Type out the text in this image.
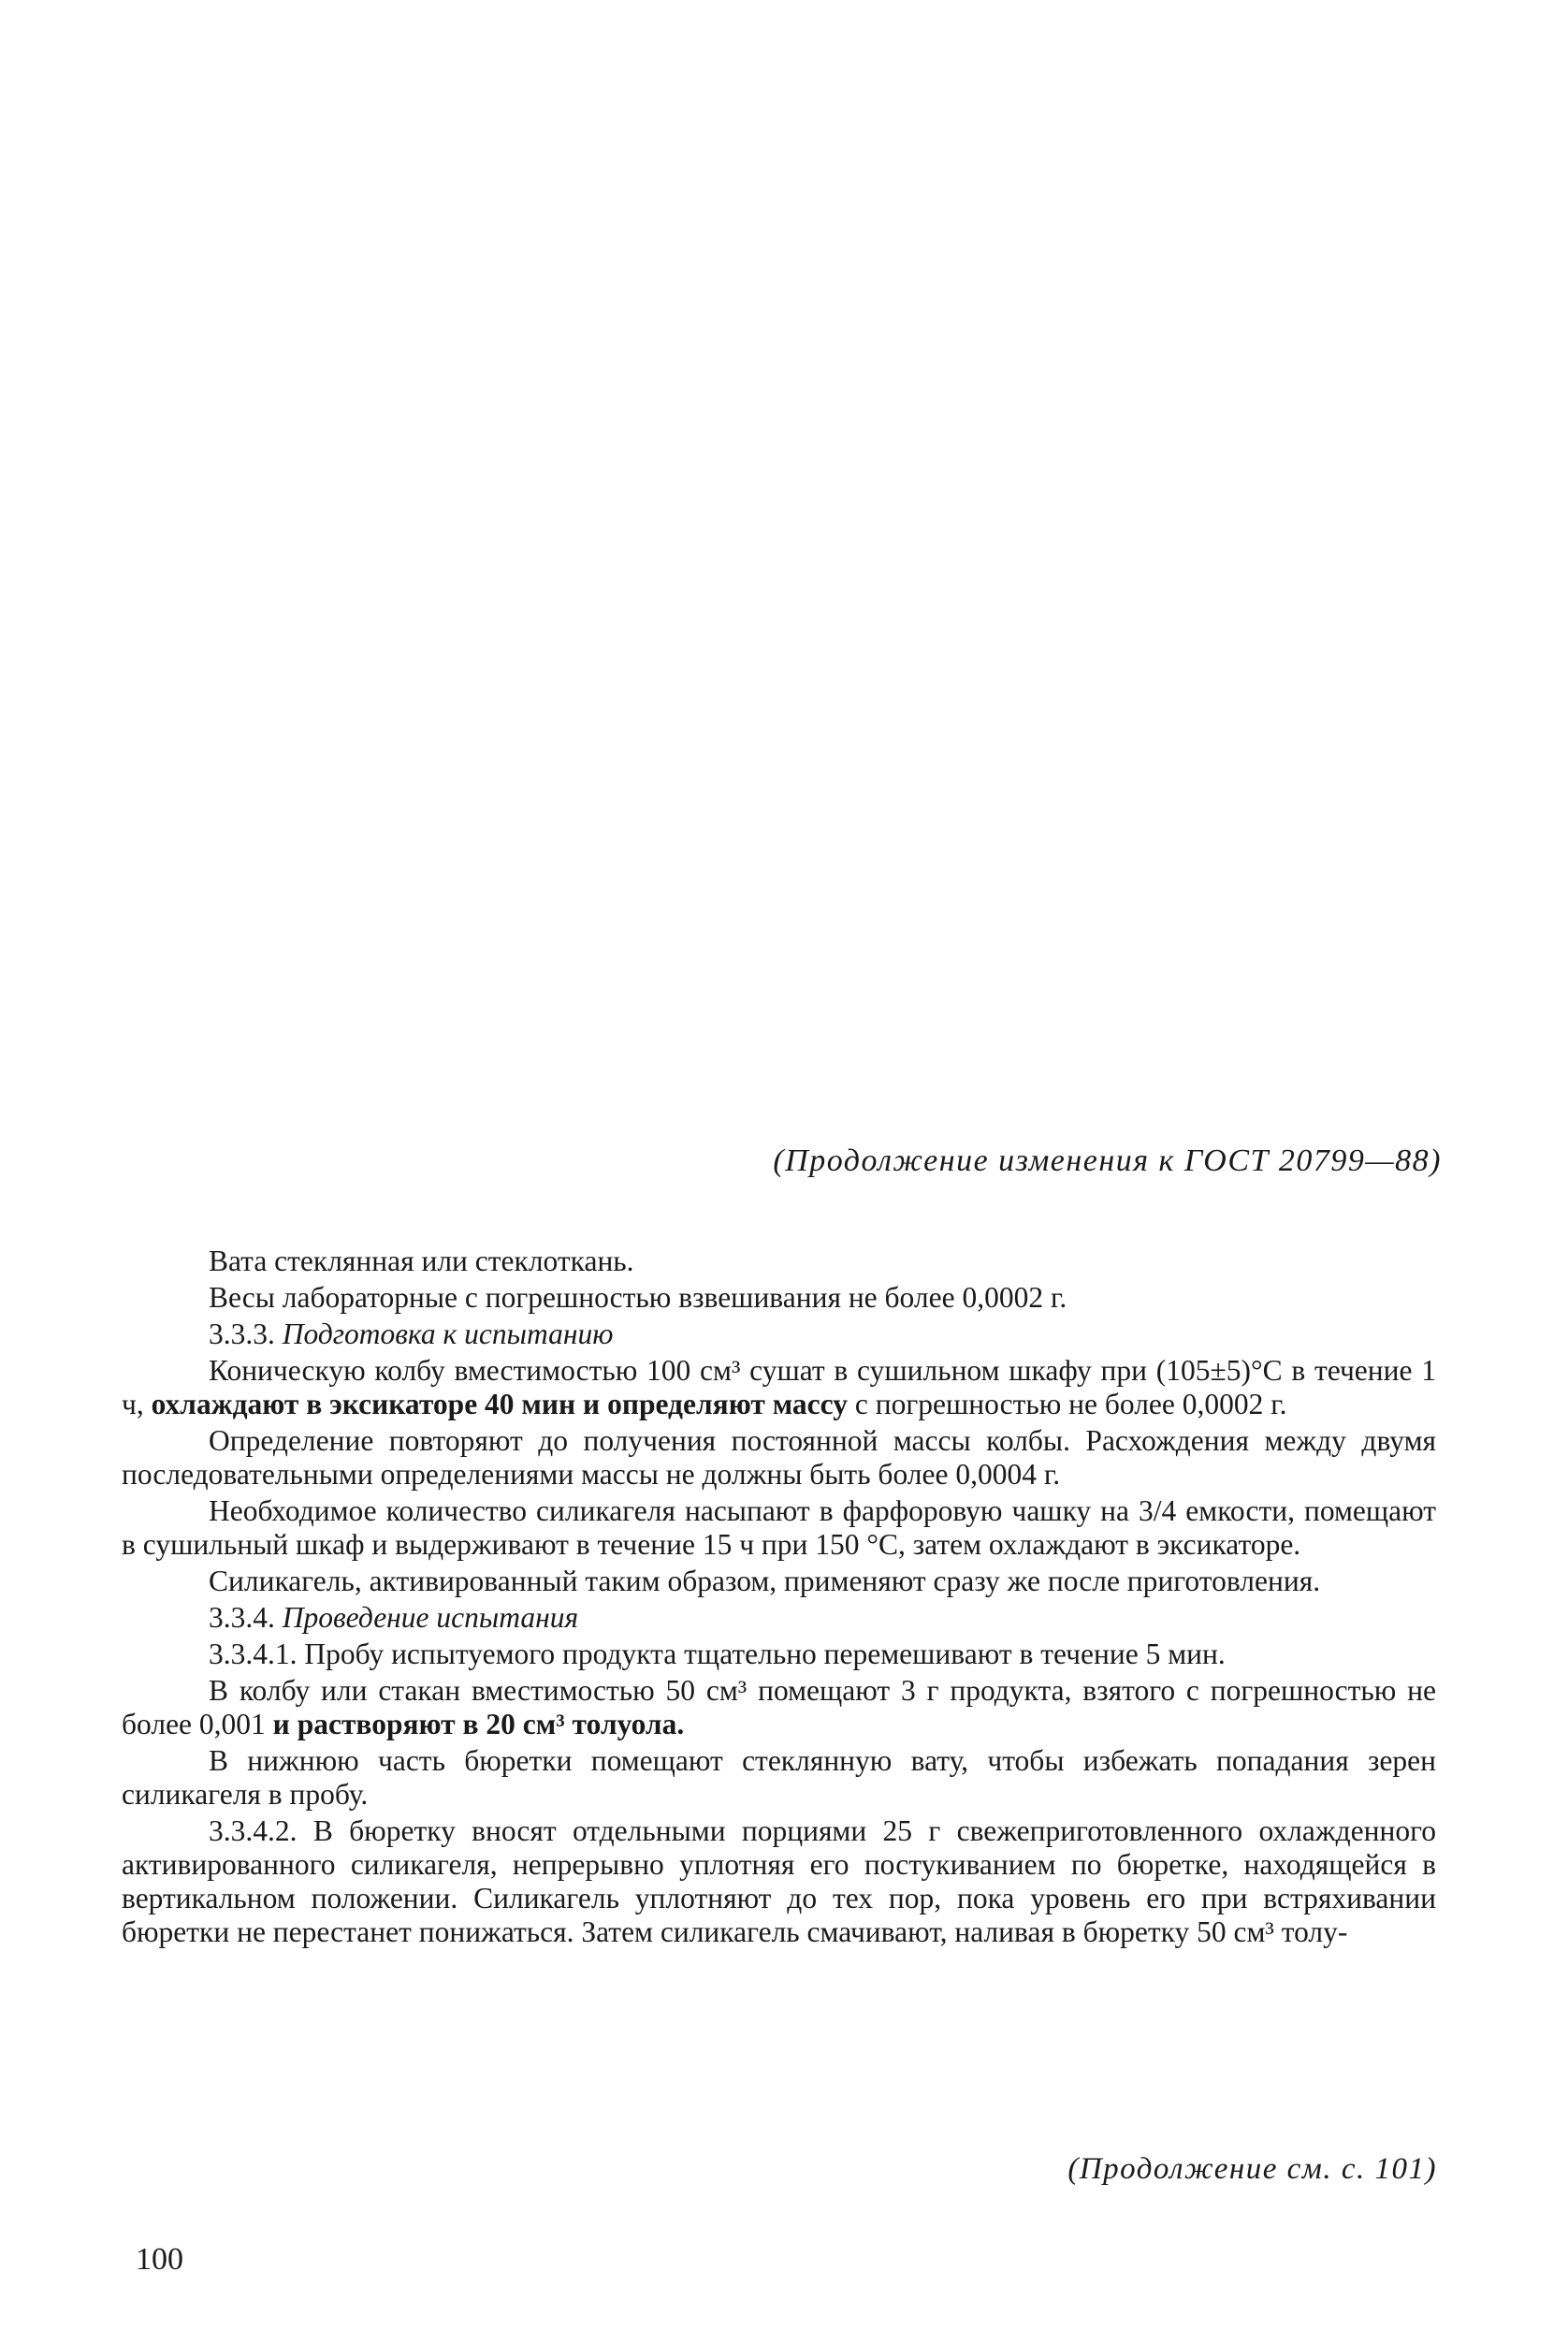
(Продолжение изменения к ГОСТ 20799—88)

Вата стеклянная или стеклоткань.

Весы лабораторные с погрешностью взвешивания не более 0,0002 г.

3.3.3. Подготовка к испытанию

Коническую колбу вместимостью 100 см³ сушат в сушильном шкафу при (105±5)°С в течение 1 ч, охлаждают в эксикаторе 40 мин и определяют массу с погрешностью не более 0,0002 г.

Определение повторяют до получения постоянной массы колбы. Расхождения между двумя последовательными определениями массы не должны быть более 0,0004 г.

Необходимое количество силикагеля насыпают в фарфоровую чашку на 3/4 емкости, помещают в сушильный шкаф и выдерживают в течение 15 ч при 150 °С, затем охлаждают в эксикаторе.

Силикагель, активированный таким образом, применяют сразу же после приготовления.

3.3.4. Проведение испытания

3.3.4.1. Пробу испытуемого продукта тщательно перемешивают в течение 5 мин.

В колбу или стакан вместимостью 50 см³ помещают 3 г продукта, взятого с погрешностью не более 0,001 и растворяют в 20 см³ толуола.

В нижнюю часть бюретки помещают стеклянную вату, чтобы избежать попадания зерен силикагеля в пробу.

3.3.4.2. В бюретку вносят отдельными порциями 25 г свежеприготовленного охлажденного активированного силикагеля, непрерывно уплотняя его постукиванием по бюретке, находящейся в вертикальном положении. Силикагель уплотняют до тех пор, пока уровень его при встряхивании бюретки не перестанет понижаться. Затем силикагель смачивают, наливая в бюретку 50 см³ толу-

(Продолжение см. с. 101)
100
